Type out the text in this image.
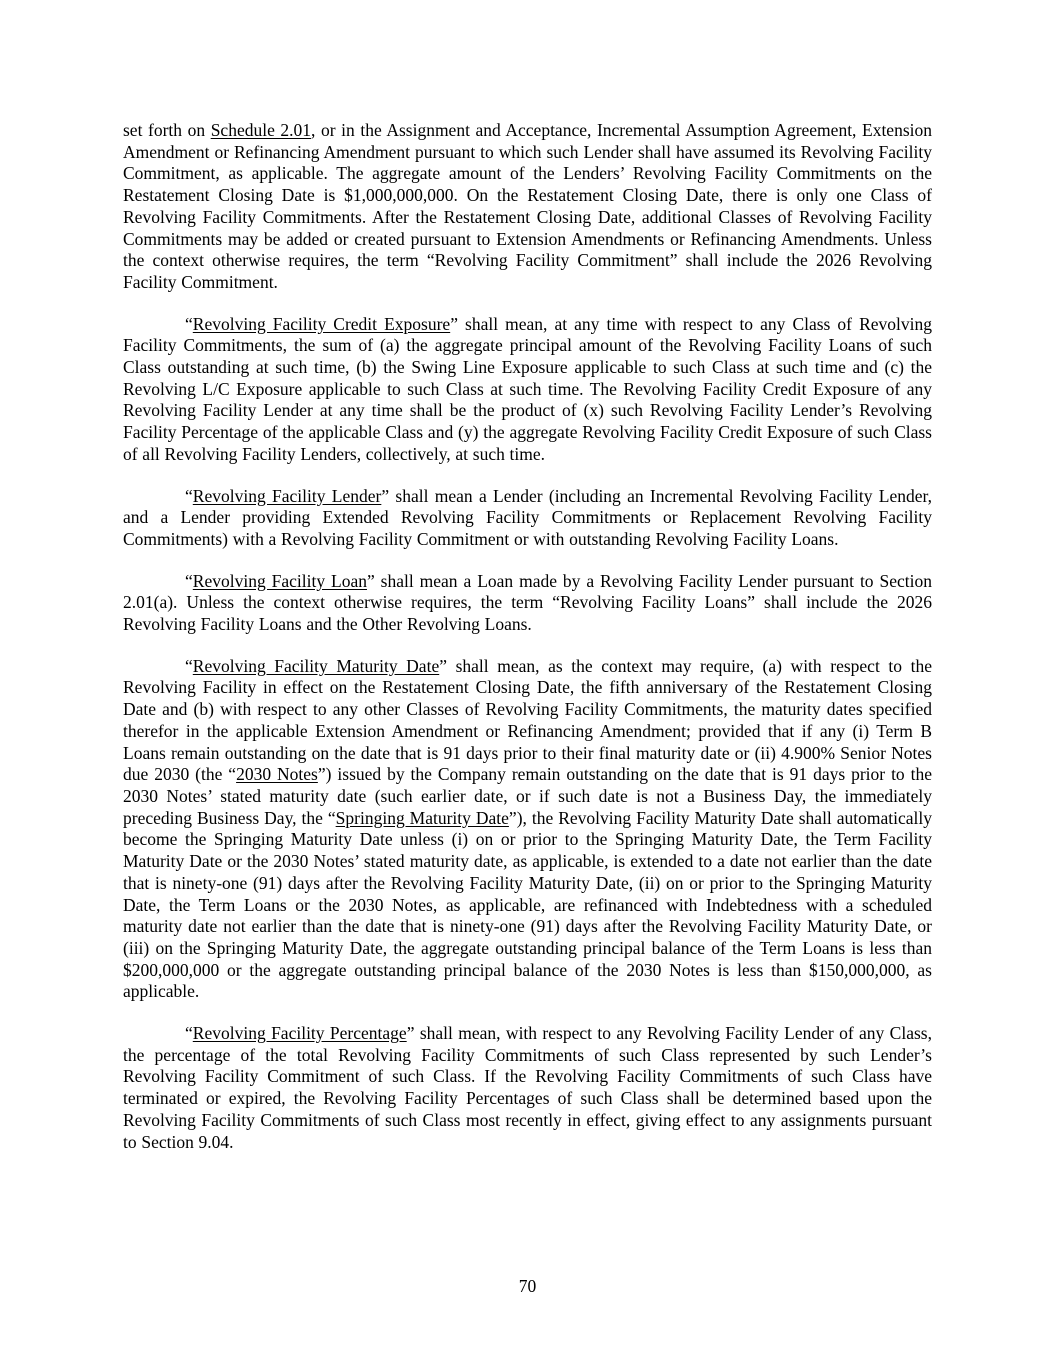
set forth on Schedule 2.01, or in the Assignment and Acceptance, Incremental Assumption Agreement, Extension Amendment or Refinancing Amendment pursuant to which such Lender shall have assumed its Revolving Facility Commitment, as applicable. The aggregate amount of the Lenders’ Revolving Facility Commitments on the Restatement Closing Date is $1,000,000,000. On the Restatement Closing Date, there is only one Class of Revolving Facility Commitments. After the Restatement Closing Date, additional Classes of Revolving Facility Commitments may be added or created pursuant to Extension Amendments or Refinancing Amendments. Unless the context otherwise requires, the term “Revolving Facility Commitment” shall include the 2026 Revolving Facility Commitment.

“Revolving Facility Credit Exposure” shall mean, at any time with respect to any Class of Revolving Facility Commitments, the sum of (a) the aggregate principal amount of the Revolving Facility Loans of such Class outstanding at such time, (b) the Swing Line Exposure applicable to such Class at such time and (c) the Revolving L/C Exposure applicable to such Class at such time. The Revolving Facility Credit Exposure of any Revolving Facility Lender at any time shall be the product of (x) such Revolving Facility Lender’s Revolving Facility Percentage of the applicable Class and (y) the aggregate Revolving Facility Credit Exposure of such Class of all Revolving Facility Lenders, collectively, at such time.

“Revolving Facility Lender” shall mean a Lender (including an Incremental Revolving Facility Lender, and a Lender providing Extended Revolving Facility Commitments or Replacement Revolving Facility Commitments) with a Revolving Facility Commitment or with outstanding Revolving Facility Loans.

“Revolving Facility Loan” shall mean a Loan made by a Revolving Facility Lender pursuant to Section 2.01(a). Unless the context otherwise requires, the term “Revolving Facility Loans” shall include the 2026 Revolving Facility Loans and the Other Revolving Loans.

“Revolving Facility Maturity Date” shall mean, as the context may require, (a) with respect to the Revolving Facility in effect on the Restatement Closing Date, the fifth anniversary of the Restatement Closing Date and (b) with respect to any other Classes of Revolving Facility Commitments, the maturity dates specified therefor in the applicable Extension Amendment or Refinancing Amendment; provided that if any (i) Term B Loans remain outstanding on the date that is 91 days prior to their final maturity date or (ii) 4.900% Senior Notes due 2030 (the “2030 Notes”) issued by the Company remain outstanding on the date that is 91 days prior to the 2030 Notes’ stated maturity date (such earlier date, or if such date is not a Business Day, the immediately preceding Business Day, the “Springing Maturity Date”), the Revolving Facility Maturity Date shall automatically become the Springing Maturity Date unless (i) on or prior to the Springing Maturity Date, the Term Facility Maturity Date or the 2030 Notes’ stated maturity date, as applicable, is extended to a date not earlier than the date that is ninety-one (91) days after the Revolving Facility Maturity Date, (ii) on or prior to the Springing Maturity Date, the Term Loans or the 2030 Notes, as applicable, are refinanced with Indebtedness with a scheduled maturity date not earlier than the date that is ninety-one (91) days after the Revolving Facility Maturity Date, or (iii) on the Springing Maturity Date, the aggregate outstanding principal balance of the Term Loans is less than $200,000,000 or the aggregate outstanding principal balance of the 2030 Notes is less than $150,000,000, as applicable.

“Revolving Facility Percentage” shall mean, with respect to any Revolving Facility Lender of any Class, the percentage of the total Revolving Facility Commitments of such Class represented by such Lender’s Revolving Facility Commitment of such Class. If the Revolving Facility Commitments of such Class have terminated or expired, the Revolving Facility Percentages of such Class shall be determined based upon the Revolving Facility Commitments of such Class most recently in effect, giving effect to any assignments pursuant to Section 9.04.

70
